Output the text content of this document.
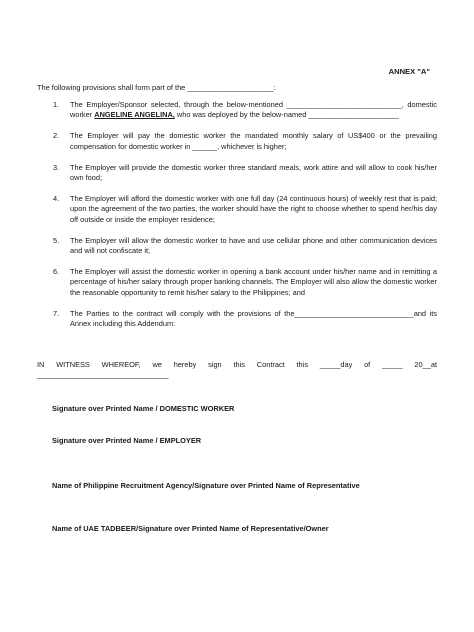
ANNEX "A"
The following provisions shall form part of the _____________________:
1.	The Employer/Sponsor selected, through the below-mentioned ____________________________, domestic worker ANGELINE ANGELINA, who was deployed by the below-named ______________________
2.	The Employer will pay the domestic worker the mandated monthly salary of US$400 or the prevailing compensation for domestic worker in ______, whichever is higher;
3.	The Employer will provide the domestic worker three standard meals, work attire and will allow to cook his/her own food;
4.	The Employer will afford the domestic worker with one full day (24 continuous hours) of weekly rest that is paid; upon the agreement of the two parties, the worker should have the right to choose whether to spend her/his day off outside or inside the employer residence;
5.	The Employer will allow the domestic worker to have and use cellular phone and other communication devices and will not confiscate it;
6.	The Employer will assist the domestic worker in opening a bank account under his/her name and in remitting a percentage of his/her salary through proper banking channels. The Employer will also allow the domestic worker the reasonable opportunity to remit his/her salary to the Philippines; and
7.	The Parties to the contract will comply with the provisions of the_____________________________and its Annex including this Addendum:
IN WITNESS WHEREOF, we hereby sign this Contract this _____day of _____ 20__at ________________________________
Signature over Printed Name / DOMESTIC WORKER
Signature over Printed Name / EMPLOYER
Name of Philippine Recruitment Agency/Signature over Printed Name of Representative
Name of UAE TADBEER/Signature over Printed Name of Representative/Owner
